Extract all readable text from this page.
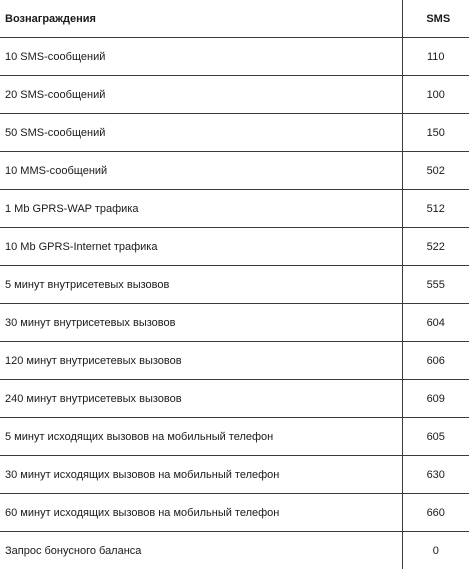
Вознаграждения	SMS
10 SMS-сообщений	110
20 SMS-сообщений	100
50 SMS-сообщений	150
10 MMS-сообщений	502
1 Mb GPRS-WAP трафика	512
10 Mb GPRS-Internet трафика	522
5 минут внутрисетевых вызовов	555
30 минут внутрисетевых вызовов	604
120 минут внутрисетевых вызовов	606
240 минут внутрисетевых вызовов	609
5 минут исходящих вызовов на мобильный телефон	605
30 минут исходящих вызовов на мобильный телефон	630
60 минут исходящих вызовов на мобильный телефон	660
Запрос бонусного баланса	0
